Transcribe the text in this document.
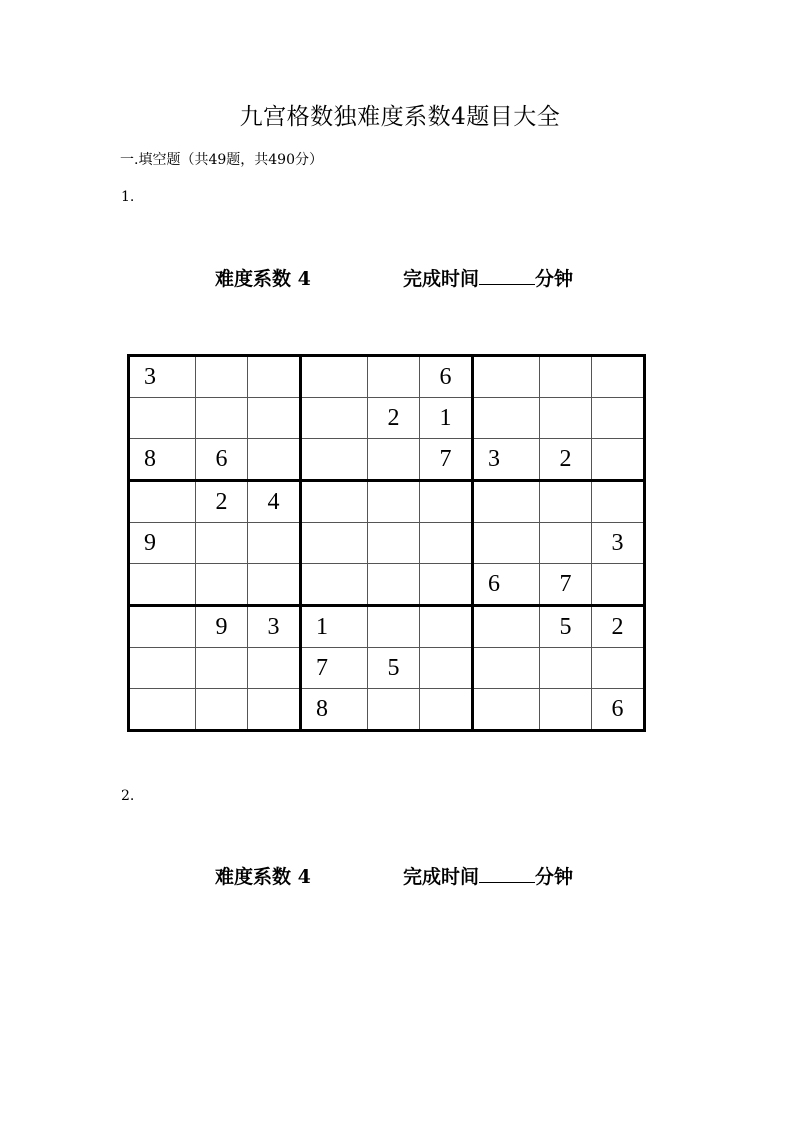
九宫格数独难度系数4题目大全
一.填空题（共49题，共490分）
1.
难度系数 4	完成时间	分钟
3					6			
				2	1			
8	6				7	3	2	
	2	4						
9								3
						6	7	
	9	3	1				5	2
			7	5				
			8					6
2.
难度系数 4	完成时间	分钟
